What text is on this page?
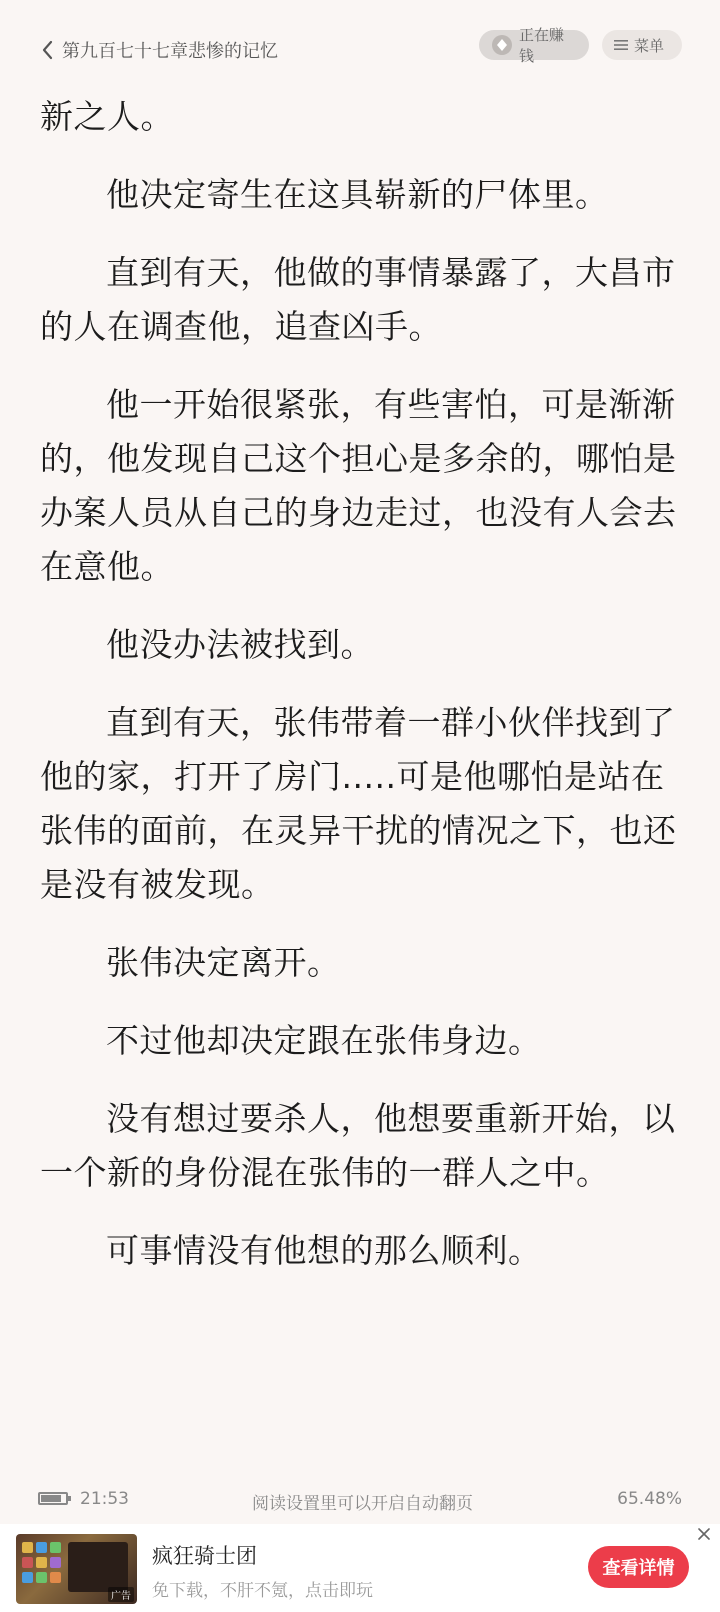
第九百七十七章悲惨的记忆
正在赚钱
菜单

新之人。

他决定寄生在这具崭新的尸体里。

直到有天，他做的事情暴露了，大昌市的人在调查他，追查凶手。

他一开始很紧张，有些害怕，可是渐渐的，他发现自己这个担心是多余的，哪怕是办案人员从自己的身边走过，也没有人会去在意他。

他没办法被找到。

直到有天，张伟带着一群小伙伴找到了他的家，打开了房门.....可是他哪怕是站在张伟的面前，在灵异干扰的情况之下，也还是没有被发现。

张伟决定离开。

不过他却决定跟在张伟身边。

没有想过要杀人，他想要重新开始，以一个新的身份混在张伟的一群人之中。

可事情没有他想的那么顺利。

21:53	阅读设置里可以开启自动翻页	65.48%
广告
疯狂骑士团
免下载，不肝不氪，点击即玩
查看详情
